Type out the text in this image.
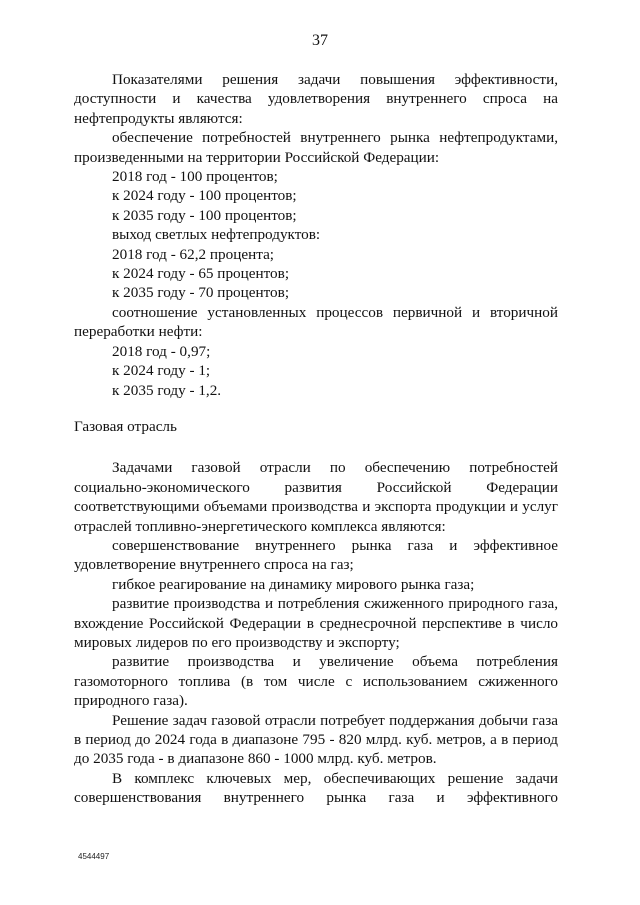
37

Показателями решения задачи повышения эффективности, доступности и качества удовлетворения внутреннего спроса на нефтепродукты являются:

обеспечение потребностей внутреннего рынка нефтепродуктами, произведенными на территории Российской Федерации:

2018 год - 100 процентов;

к 2024 году - 100 процентов;

к 2035 году - 100 процентов;

выход светлых нефтепродуктов:

2018 год - 62,2 процента;

к 2024 году - 65 процентов;

к 2035 году - 70 процентов;

соотношение установленных процессов первичной и вторичной переработки нефти:

2018 год - 0,97;

к 2024 году - 1;

к 2035 году - 1,2.

Газовая отрасль

Задачами газовой отрасли по обеспечению потребностей социально-экономического развития Российской Федерации соответствующими объемами производства и экспорта продукции и услуг отраслей топливно-энергетического комплекса являются:

совершенствование внутреннего рынка газа и эффективное удовлетворение внутреннего спроса на газ;

гибкое реагирование на динамику мирового рынка газа;

развитие производства и потребления сжиженного природного газа, вхождение Российской Федерации в среднесрочной перспективе в число мировых лидеров по его производству и экспорту;

развитие производства и увеличение объема потребления газомоторного топлива (в том числе с использованием сжиженного природного газа).

Решение задач газовой отрасли потребует поддержания добычи газа в период до 2024 года в диапазоне 795 - 820 млрд. куб. метров, а в период до 2035 года - в диапазоне 860 - 1000 млрд. куб. метров.

В комплекс ключевых мер, обеспечивающих решение задачи

совершенствования внутреннего рынка газа и эффективного

4544497
